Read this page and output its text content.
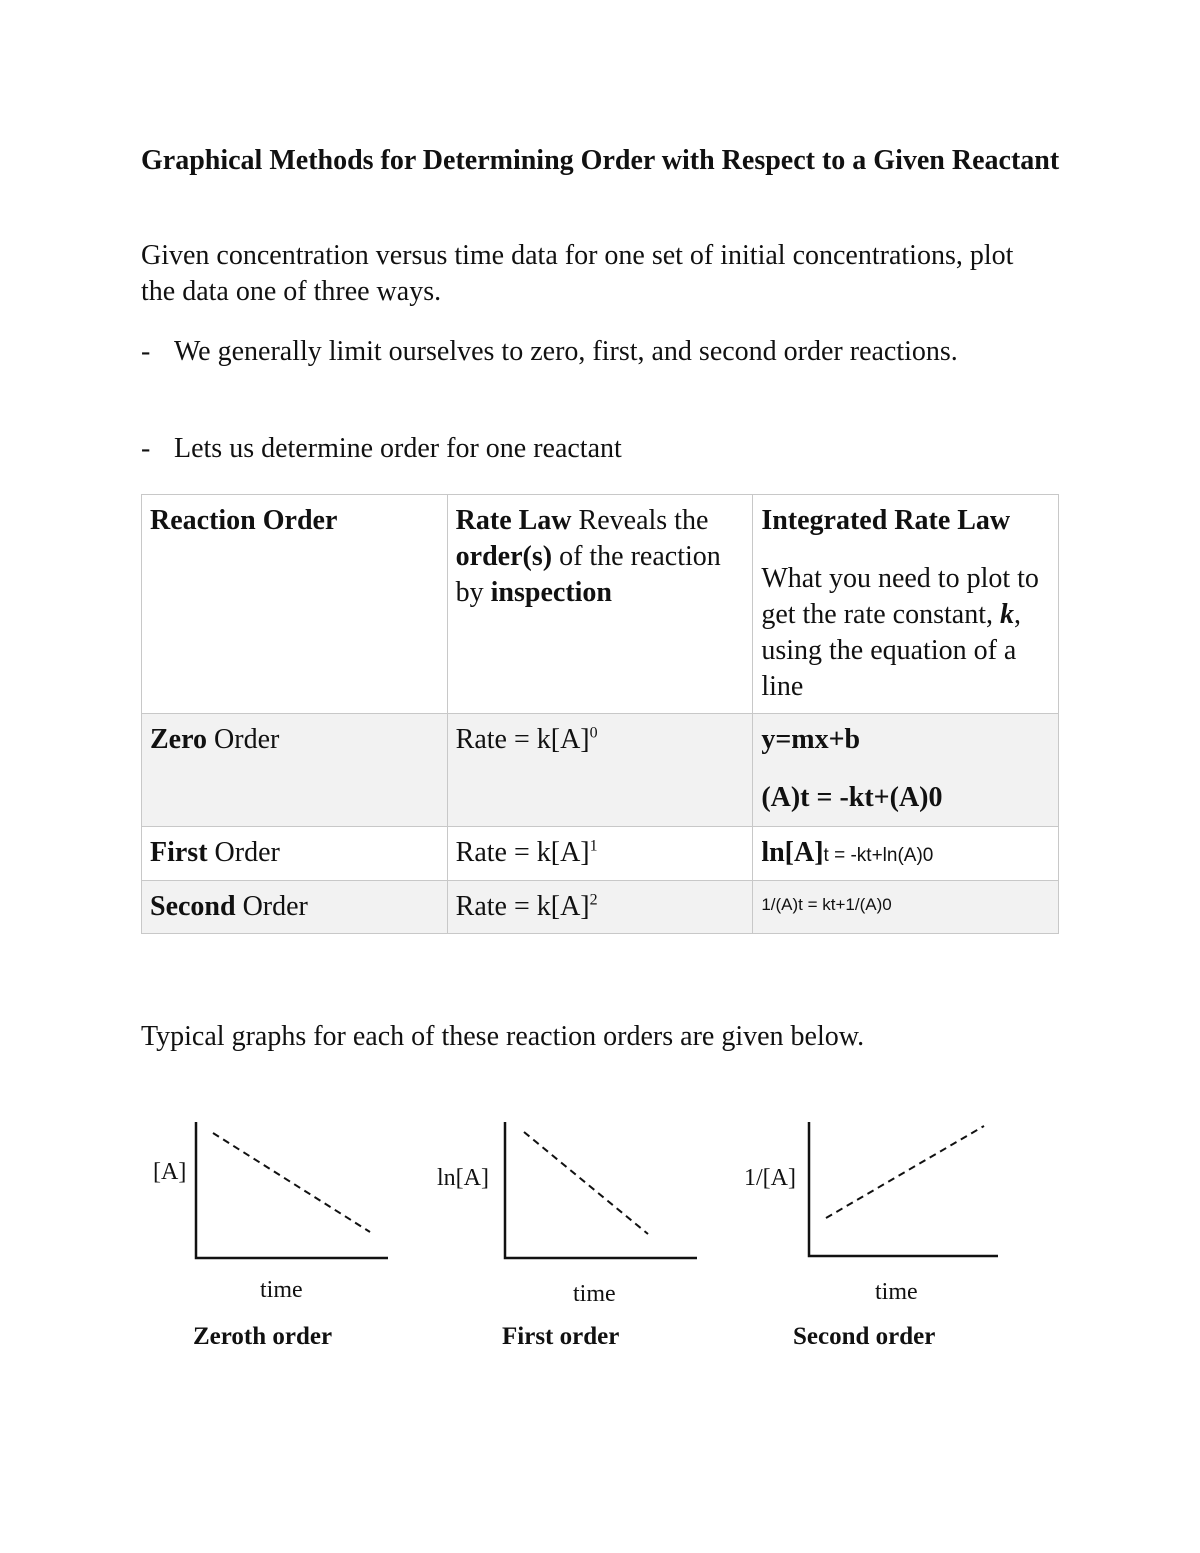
Graphical Methods for Determining Order with Respect to a Given Reactant

Given concentration versus time data for one set of initial concentrations, plot the data one of three ways.

- We generally limit ourselves to zero, first, and second order reactions.
- Lets us determine order for one reactant
Reaction Order	Rate Law Reveals the order(s) of the reaction by inspection	Integrated Rate Law
What you need to plot to get the rate constant, k, using the equation of a line
Zero Order	Rate = $k[A]^0$	y=mx+b
(A)t = -kt+(A)0
First Order	Rate = $k[A]^1$	ln[A]t = -kt+ln(A)0
Second Order	Rate = $k[A]^2$	$^{1/(A)t = kt+1/(A)0}$

Typical graphs for each of these reaction orders are given below.

[A]
time
Zeroth order
ln[A]
time
First order
1/[A]
time
Second order
